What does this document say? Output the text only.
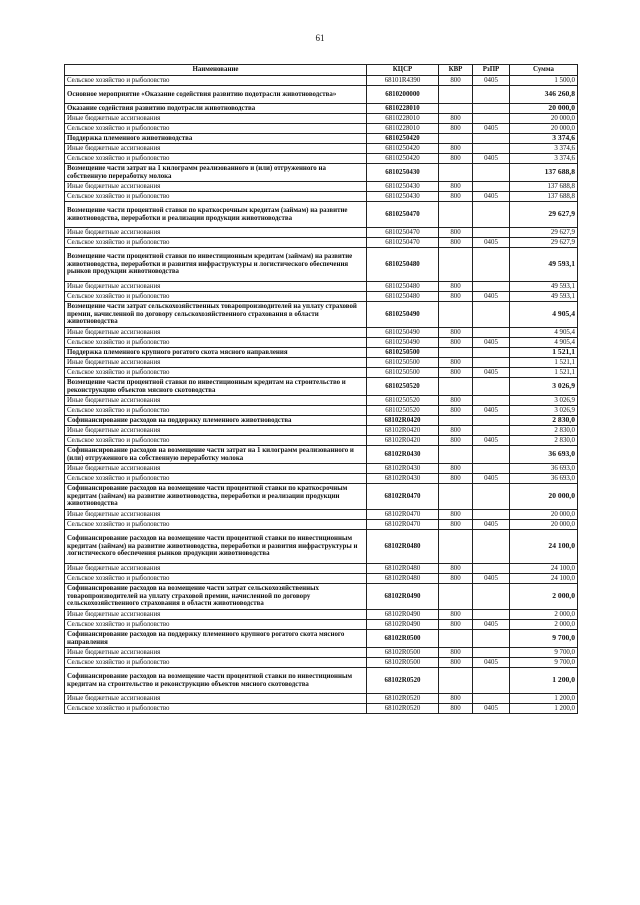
61
Наименование	КЦСР	КВР	РзПР	Сумма
Сельское хозяйство и рыболовство	68101R4390	800	0405	1 500,0
Основное мероприятие «Оказание содействия развитию подотрасли животноводства»	6810200000			346 260,8
Оказание содействия развитию подотрасли животноводства	6810228010			20 000,0
Иные бюджетные ассигнования	6810228010	800		20 000,0
Сельское хозяйство и рыболовство	6810228010	800	0405	20 000,0
Поддержка племенного животноводства	6810250420			3 374,6
Иные бюджетные ассигнования	6810250420	800		3 374,6
Сельское хозяйство и рыболовство	6810250420	800	0405	3 374,6
Возмещение части затрат на 1 килограмм реализованного и (или) отгруженного на собственную переработку молока	6810250430			137 688,8
Иные бюджетные ассигнования	6810250430	800		137 688,8
Сельское хозяйство и рыболовство	6810250430	800	0405	137 688,8
Возмещение части процентной ставки по краткосрочным кредитам (займам) на развитие животноводства, переработки и реализации продукции животноводства	6810250470			29 627,9
Иные бюджетные ассигнования	6810250470	800		29 627,9
Сельское хозяйство и рыболовство	6810250470	800	0405	29 627,9
Возмещение части процентной ставки по инвестиционным кредитам (займам) на развитие животноводства, переработки и развития инфраструктуры и логистического обеспечения рынков продукции животноводства	6810250480			49 593,1
Иные бюджетные ассигнования	6810250480	800		49 593,1
Сельское хозяйство и рыболовство	6810250480	800	0405	49 593,1
Возмещение части затрат сельскохозяйственных товаропроизводителей на уплату страховой премии, начисленной по договору сельскохозяйственного страхования в области животноводства	6810250490			4 905,4
Иные бюджетные ассигнования	6810250490	800		4 905,4
Сельское хозяйство и рыболовство	6810250490	800	0405	4 905,4
Поддержка племенного крупного рогатого скота мясного направления	6810250500			1 521,1
Иные бюджетные ассигнования	6810250500	800		1 521,1
Сельское хозяйство и рыболовство	6810250500	800	0405	1 521,1
Возмещение части процентной ставки по инвестиционным кредитам на строительство и реконструкцию объектов мясного скотоводства	6810250520			3 026,9
Иные бюджетные ассигнования	6810250520	800		3 026,9
Сельское хозяйство и рыболовство	6810250520	800	0405	3 026,9
Софинансирование расходов на поддержку племенного животноводства	68102R0420			2 830,0
Иные бюджетные ассигнования	68102R0420	800		2 830,0
Сельское хозяйство и рыболовство	68102R0420	800	0405	2 830,0
Софинансирование расходов на возмещение части затрат на 1 килограмм реализованного и (или) отгруженного на собственную переработку молока	68102R0430			36 693,0
Иные бюджетные ассигнования	68102R0430	800		36 693,0
Сельское хозяйство и рыболовство	68102R0430	800	0405	36 693,0
Софинансирование расходов на возмещение части процентной ставки по краткосрочным кредитам (займам) на развитие животноводства, переработки и реализации продукции животноводства	68102R0470			20 000,0
Иные бюджетные ассигнования	68102R0470	800		20 000,0
Сельское хозяйство и рыболовство	68102R0470	800	0405	20 000,0
Софинансирование расходов на возмещение части процентной ставки по инвестиционным кредитам (займам) на развитие животноводства, переработки и развития инфраструктуры и логистического обеспечения рынков продукции животноводства	68102R0480			24 100,0
Иные бюджетные ассигнования	68102R0480	800		24 100,0
Сельское хозяйство и рыболовство	68102R0480	800	0405	24 100,0
Софинансирование расходов на возмещение части затрат сельскохозяйственных товаропроизводителей на уплату страховой премии, начисленной по договору сельскохозяйственного страхования в области животноводства	68102R0490			2 000,0
Иные бюджетные ассигнования	68102R0490	800		2 000,0
Сельское хозяйство и рыболовство	68102R0490	800	0405	2 000,0
Софинансирование расходов на поддержку племенного крупного рогатого скота мясного направления	68102R0500			9 700,0
Иные бюджетные ассигнования	68102R0500	800		9 700,0
Сельское хозяйство и рыболовство	68102R0500	800	0405	9 700,0
Софинансирование расходов на возмещение части процентной ставки по инвестиционным кредитам на строительство и реконструкцию объектов мясного скотоводства	68102R0520			1 200,0
Иные бюджетные ассигнования	68102R0520	800		1 200,0
Сельское хозяйство и рыболовство	68102R0520	800	0405	1 200,0
